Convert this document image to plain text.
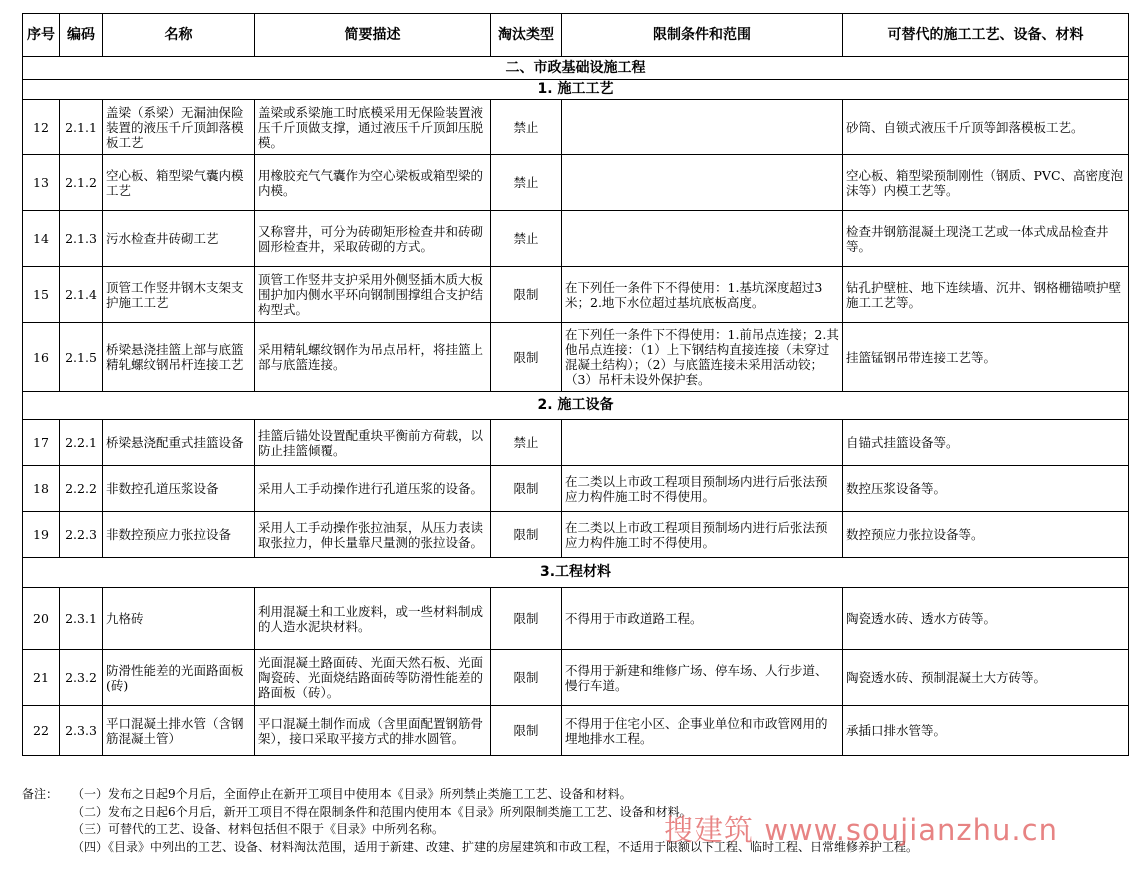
序号	编码	名称	简要描述	淘汰类型	限制条件和范围	可替代的施工工艺、设备、材料
二、市政基础设施工程						
1. 施工工艺						

12	2.1.1	盖梁（系梁）无漏油保险装置的液压千斤顶卸落模板工艺	盖梁或系梁施工时底模采用无保险装置液压千斤顶做支撑，通过液压千斤顶卸压脱模。	禁止		砂筒、自锁式液压千斤顶等卸落模板工艺。

13	2.1.2	空心板、箱型梁气囊内模工艺	用橡胶充气气囊作为空心梁板或箱型梁的内模。	禁止		空心板、箱型梁预制刚性（钢质、PVC、高密度泡沫等）内模工艺等。

14	2.1.3	污水检查井砖砌工艺	又称窨井，可分为砖砌矩形检查井和砖砌圆形检查井，采取砖砌的方式。	禁止		检查井钢筋混凝土现浇工艺或一体式成品检查井等。

15	2.1.4	顶管工作竖井钢木支架支护施工工艺	顶管工作竖井支护采用外侧竖插木质大板围护加内侧水平环向钢制围撑组合支护结构型式。	限制	在下列任一条件下不得使用：1.基坑深度超过3米；2.地下水位超过基坑底板高度。	钻孔护壁桩、地下连续墙、沉井、钢格栅锚喷护壁施工工艺等。

16	2.1.5	桥梁悬浇挂篮上部与底篮精轧螺纹钢吊杆连接工艺	采用精轧螺纹钢作为吊点吊杆，将挂篮上部与底篮连接。	限制	在下列任一条件下不得使用：1.前吊点连接；2.其他吊点连接：（1）上下钢结构直接连接（未穿过混凝土结构）；（2）与底篮连接未采用活动铰；（3）吊杆未设外保护套。	挂篮锰钢吊带连接工艺等。

2. 施工设备						

17	2.2.1	桥梁悬浇配重式挂篮设备	挂篮后锚处设置配重块平衡前方荷载，以防止挂篮倾覆。	禁止		自锚式挂篮设备等。

18	2.2.2	非数控孔道压浆设备	采用人工手动操作进行孔道压浆的设备。	限制	在二类以上市政工程项目预制场内进行后张法预应力构件施工时不得使用。	数控压浆设备等。

19	2.2.3	非数控预应力张拉设备	采用人工手动操作张拉油泵，从压力表读取张拉力，伸长量靠尺量测的张拉设备。	限制	在二类以上市政工程项目预制场内进行后张法预应力构件施工时不得使用。	数控预应力张拉设备等。

3.工程材料						

20	2.3.1	九格砖	利用混凝土和工业废料，或一些材料制成的人造水泥块材料。	限制	不得用于市政道路工程。	陶瓷透水砖、透水方砖等。

21	2.3.2	防滑性能差的光面路面板(砖)	光面混凝土路面砖、光面天然石板、光面陶瓷砖、光面烧结路面砖等防滑性能差的路面板（砖）。	限制	不得用于新建和维修广场、停车场、人行步道、慢行车道。	陶瓷透水砖、预制混凝土大方砖等。

22	2.3.3	平口混凝土排水管（含钢筋混凝土管）	平口混凝土制作而成（含里面配置钢筋骨架），接口采取平接方式的排水圆管。	限制	不得用于住宅小区、企事业单位和市政管网用的埋地排水工程。	承插口排水管等。
备注：	（一）发布之日起9个月后，全面停止在新开工项目中使用本《目录》所列禁止类施工工艺、设备和材料。
（二）发布之日起6个月后，新开工项目不得在限制条件和范围内使用本《目录》所列限制类施工工艺、设备和材料。
（三）可替代的工艺、设备、材料包括但不限于《目录》中所列名称。
（四）《目录》中列出的工艺、设备、材料淘汰范围，适用于新建、改建、扩建的房屋建筑和市政工程，不适用于限额以下工程、临时工程、日常维修养护工程。
搜建筑 www.soujianzhu.cn
